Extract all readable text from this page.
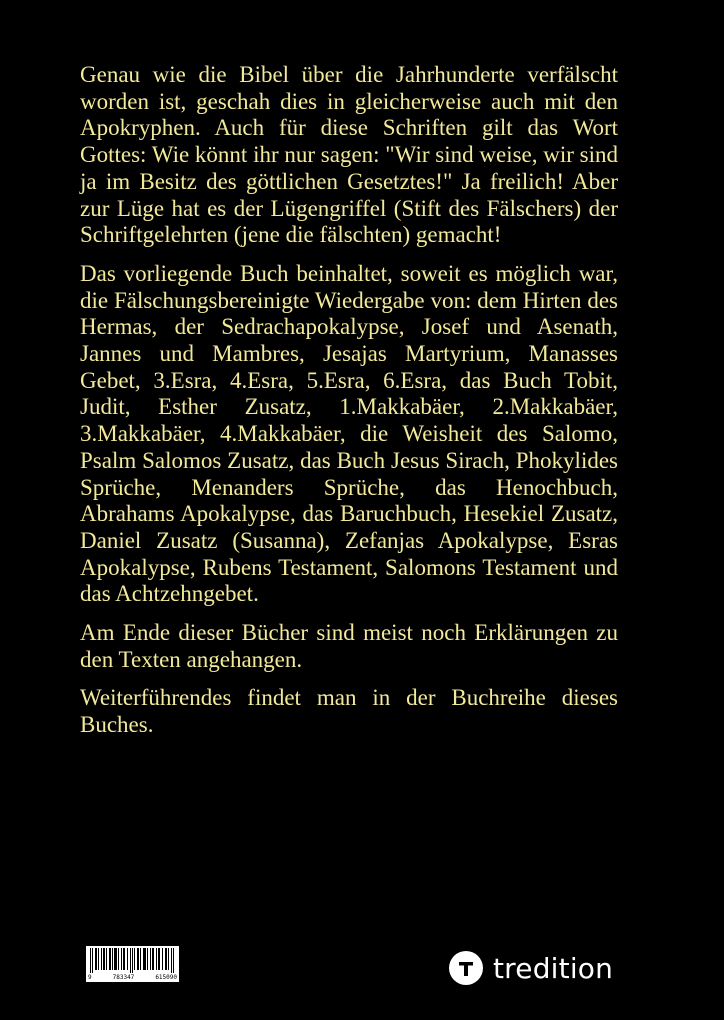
Genau wie die Bibel über die Jahrhunderte verfälscht worden ist, geschah dies in gleicherweise auch mit den Apokryphen. Auch für diese Schriften gilt das Wort Gottes: Wie könnt ihr nur sagen: "Wir sind weise, wir sind ja im Besitz des göttlichen Gesetztes!" Ja freilich! Aber zur Lüge hat es der Lügengriffel (Stift des Fälschers) der Schriftgelehrten (jene die fälschten) gemacht!

Das vorliegende Buch beinhaltet, soweit es möglich war, die Fälschungsbereinigte Wiedergabe von: dem Hirten des Hermas, der Sedrachapokalypse, Josef und Asenath, Jannes und Mambres, Jesajas Martyrium, Manasses Gebet, 3.Esra, 4.Esra, 5.Esra, 6.Esra, das Buch Tobit, Judit, Esther Zusatz, 1.Makkabäer, 2.Makkabäer, 3.Makkabäer, 4.Makkabäer, die Weisheit des Salomo, Psalm Salomos Zusatz, das Buch Jesus Sirach, Phokylides Sprüche, Menanders Sprüche, das Henochbuch, Abrahams Apokalypse, das Baruchbuch, Hesekiel Zusatz, Daniel Zusatz (Susanna), Zefanjas Apokalypse, Esras Apokalypse, Rubens Testament, Salomons Testament und das Achtzehngebet.

Am Ende dieser Bücher sind meist noch Erklärungen zu den Texten angehangen.

Weiterführendes findet man in der Buchreihe dieses Buches.

9	783347	615090	tredition
